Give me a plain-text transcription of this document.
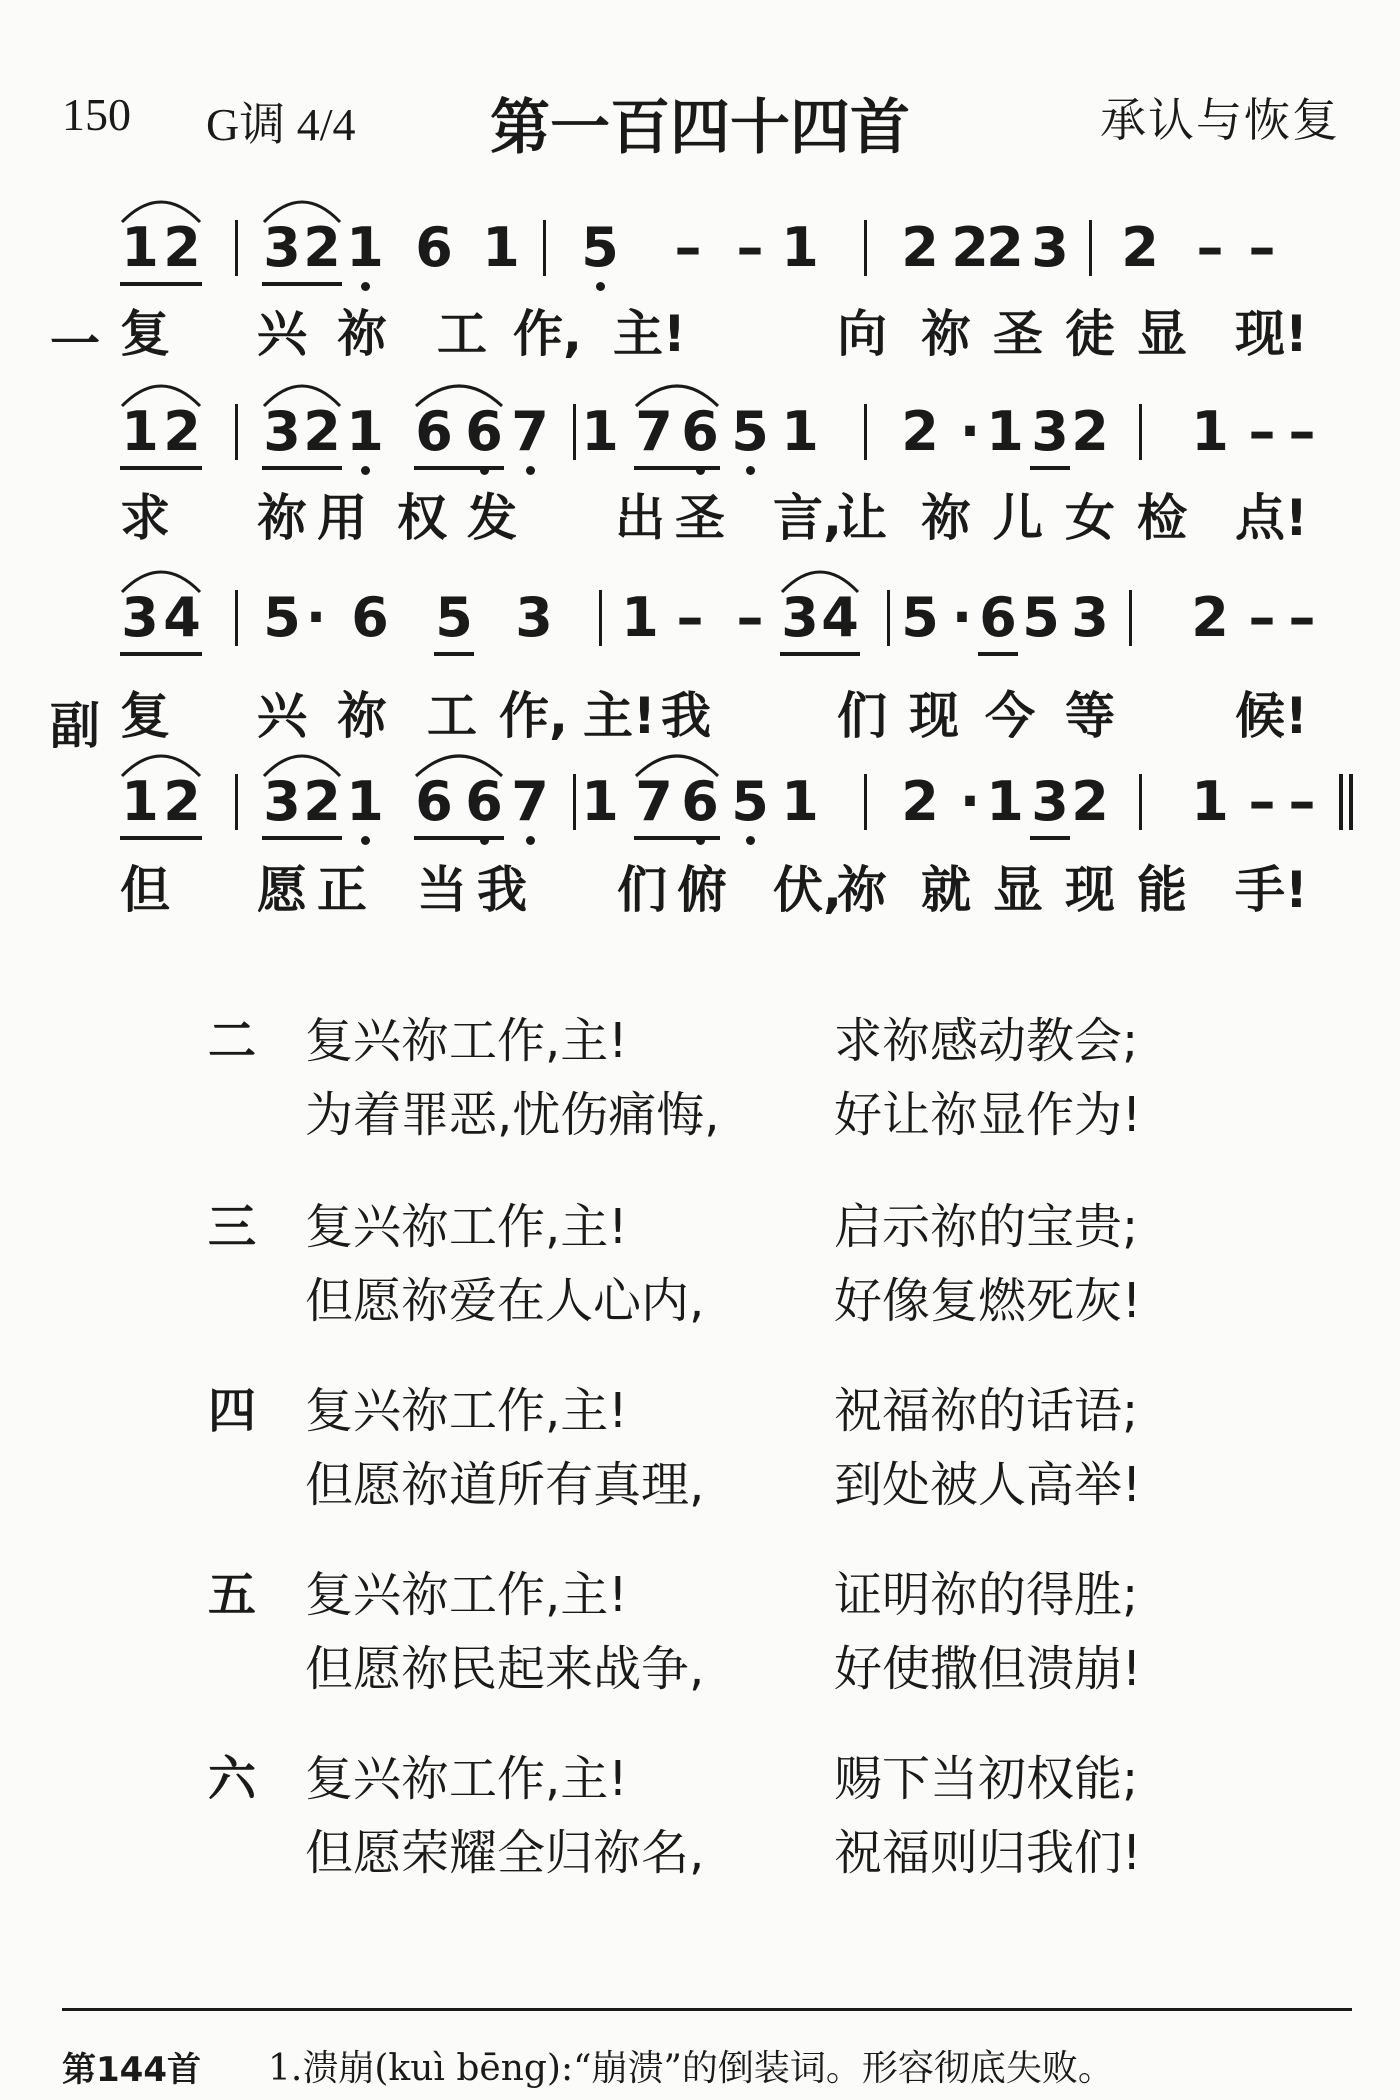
150 G调 4/4	第一百四十四首	承认与恢复
1 2 3 2 1 6 1 5 – – 1 2 2
2 3 2 – –
复 兴 祢 工 作, 主!	向 祢 圣 徒 显 现!
1 2 3 2 1 6 6 7 1 7 6 5 1 2 · 1 3 2 1 – –
求 祢 用 权 发 出 圣 言,
让 祢 儿 女 检 点!
3 4 5 · 6 5 3 1 – – 3 4 5 · 6 5 3 2 – –
复 兴 祢 工 作, 主! 我	们 现 今 等 候!
1 2 3 2 1 6 6 7 1 7 6 5 1 2 · 1 3 2 1 – –
但 愿 正 当 我 们 俯 伏,
祢 就 显 现 能 手!
一
副
二 复兴祢工作,主!	求祢感动教会;
为着罪恶,忧伤痛悔, 好让祢显作为!
三 复兴祢工作,主!	启示祢的宝贵;
但愿祢爱在人心内,	好像复燃死灰!
四 复兴祢工作,主!	祝福祢的话语;
但愿祢道所有真理,	到处被人高举!
五 复兴祢工作,主!	证明祢的得胜;
但愿祢民起来战争,	好使撒但溃崩!
六 复兴祢工作,主!	赐下当初权能;
但愿荣耀全归祢名,	祝福则归我们!
第144首 1.溃崩(kuì bēng):“崩溃”的倒装词。形容彻底失败。
